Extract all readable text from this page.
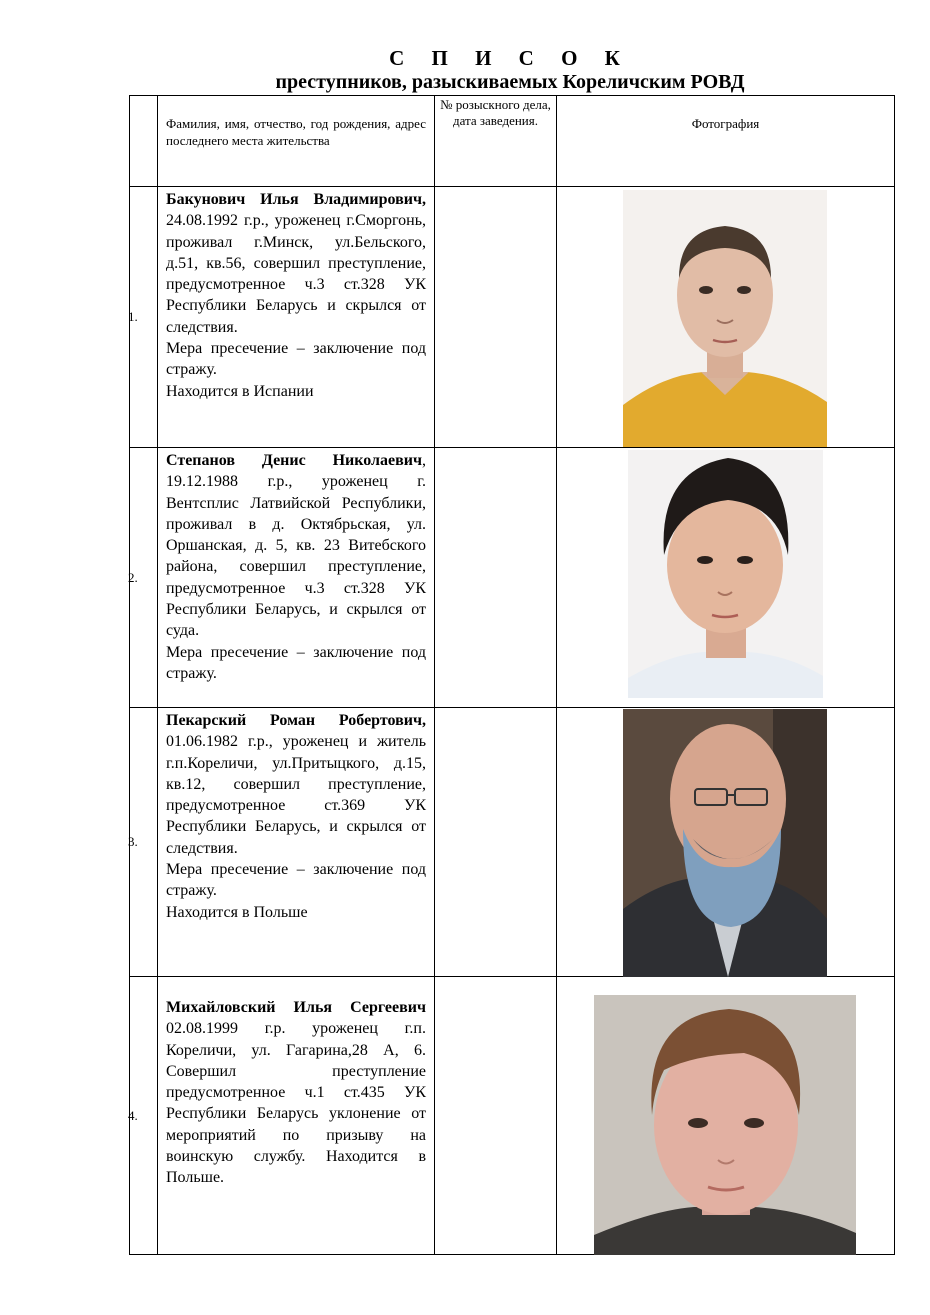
С П И С О К
преступников, разыскиваемых Кореличским РОВД
	Фамилия, имя, отчество, год рождения, адрес последнего места жительства	№ розыскного дела, дата заведения.	Фотография
1.	Бакунович Илья Владимирович, 24.08.1992 г.р., уроженец г.Сморгонь, проживал г.Минск, ул.Бельского, д.51, кв.56, совершил преступление, предусмотренное ч.3 ст.328 УК Республики Беларусь и скрылся от следствия.
Мера пресечение – заключение под стражу.
Находится в Испании

2.	Степанов Денис Николаевич, 19.12.1988 г.р., уроженец г. Вентсплис Латвийской Республики, проживал в д. Октябрьская, ул. Оршанская, д. 5, кв. 23 Витебского района, совершил преступление, предусмотренное ч.3 ст.328 УК Республики Беларусь, и скрылся от суда.
Мера пресечение – заключение под стражу.

3.	Пекарский Роман Робертович, 01.06.1982 г.р., уроженец и житель г.п.Кореличи, ул.Притыцкого, д.15, кв.12, совершил преступление, предусмотренное ст.369 УК Республики Беларусь, и скрылся от следствия.
Мера пресечение – заключение под стражу.
Находится в Польше

4.	Михайловский Илья Сергеевич 02.08.1999 г.р. уроженец г.п. Кореличи, ул. Гагарина,28 А, 6. Совершил преступление предусмотренное ч.1 ст.435 УК Республики Беларусь уклонение от мероприятий по призыву на воинскую службу. Находится в Польше.
